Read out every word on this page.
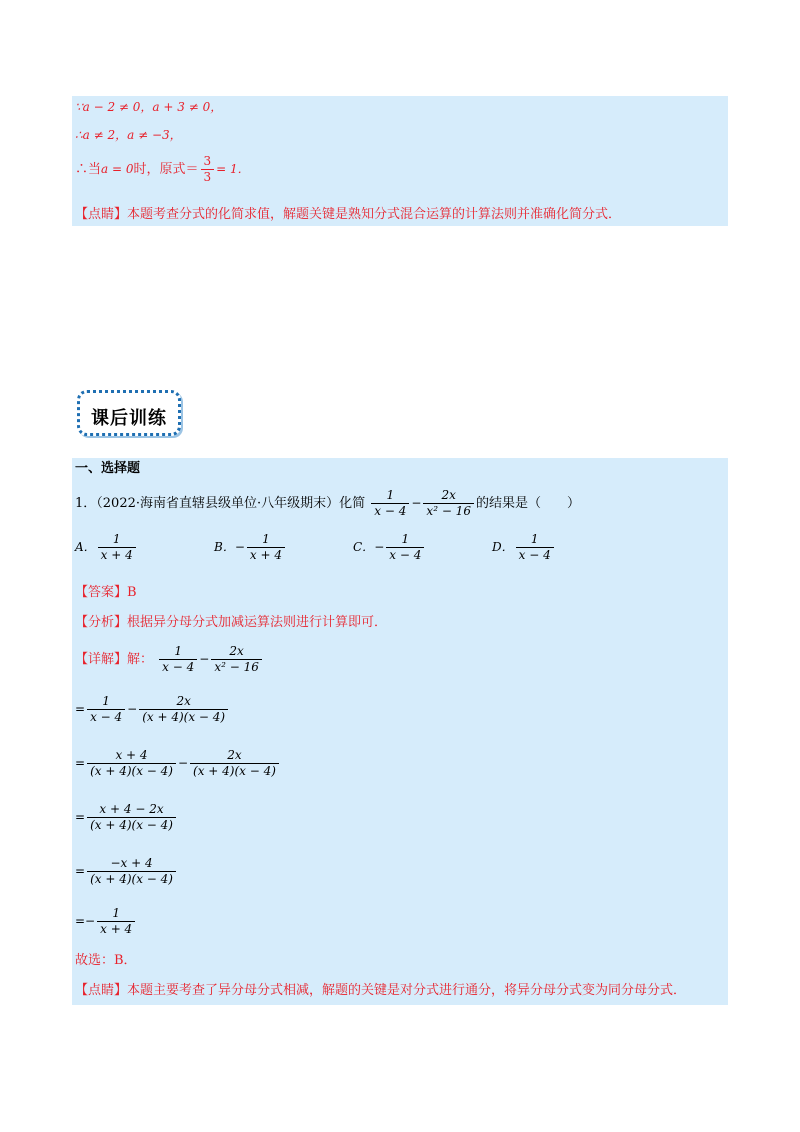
∵a − 2 ≠ 0，a + 3 ≠ 0，
∴a ≠ 2，a ≠ −3，
∴当a = 0时，原式＝ $\frac{3}{3} = 1$．
【点睛】本题考查分式的化简求值，解题关键是熟知分式混合运算的计算法则并准确化简分式．
课后训练
一、选择题
1．（2022·海南省直辖县级单位·八年级期末）化简 $\frac{1}{x - 4} - \frac{2x}{\text{x² − 16}}$ 的结果是（　　）
A． $\frac{1}{x + 4}$	B．− $\frac{1}{x + 4}$	C．− $\frac{1}{x - 4}$	D． $\frac{1}{x - 4}$
【答案】B
【分析】根据异分母分式加减运算法则进行计算即可．
【详解】解： $\frac{1}{x - 4} - \frac{2x}{\text{x² − 16}}$
= $\frac{1}{x - 4} - \frac{2x}{(x + 4)(x - 4)}$
= $\frac{x + 4}{(x + 4)(x - 4)} - \frac{2x}{(x + 4)(x - 4)}$
= $\frac{x + 4 - 2x}{(x + 4)(x - 4)}$
= $\frac{-x + 4}{(x + 4)(x - 4)}$
=− $\frac{1}{x + 4}$
故选：B．
【点睛】本题主要考查了异分母分式相减，解题的关键是对分式进行通分，将异分母分式变为同分母分式．
